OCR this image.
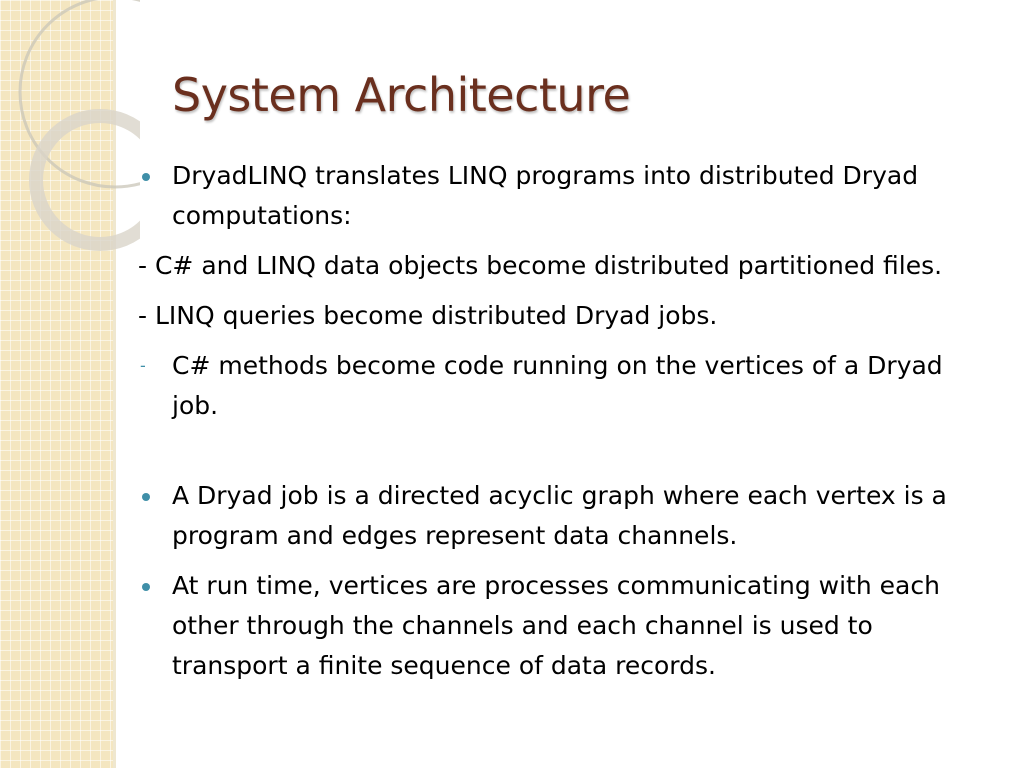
System Architecture
DryadLINQ translates LINQ programs into distributed Dryad computations:
- C# and LINQ data objects become distributed partitioned files.
- LINQ queries become distributed Dryad jobs.
- C# methods become code running on the vertices of a Dryad job.
A Dryad job is a directed acyclic graph where each vertex is a program and edges represent data channels.
At run time, vertices are processes communicating with each other through the channels and each channel is used to transport a finite sequence of data records.
